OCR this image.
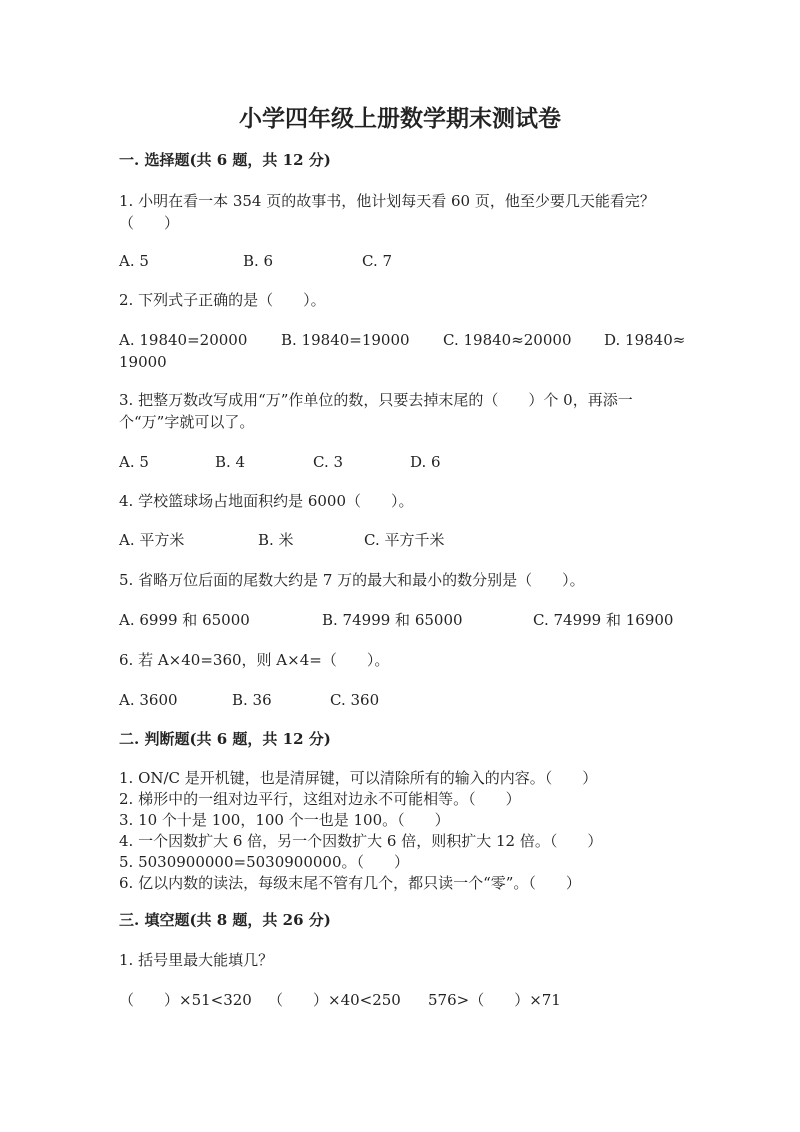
小学四年级上册数学期末测试卷
一. 选择题(共 6 题，共 12 分)
1. 小明在看一本 354 页的故事书，他计划每天看 60 页，他至少要几天能看完？
（　　）
A. 5	B. 6	C. 7
2. 下列式子正确的是（　　）。
A. 19840=20000 B. 19840=19000 C. 19840≈20000 D. 19840≈
19000
3. 把整万数改写成用“万”作单位的数，只要去掉末尾的（　　）个 0，再添一
个“万”字就可以了。
A. 5	B. 4	C. 3	D. 6
4. 学校篮球场占地面积约是 6000（　　）。
A. 平方米	B. 米	C. 平方千米
5. 省略万位后面的尾数大约是 7 万的最大和最小的数分别是（　　）。
A. 6999 和 65000	B. 74999 和 65000	C. 74999 和 16900
6. 若 A×40=360，则 A×4=（　　）。
A. 3600	B. 36	C. 360
二. 判断题(共 6 题，共 12 分)
1. ON/C 是开机键，也是清屏键，可以清除所有的输入的内容。（　　）
2. 梯形中的一组对边平行，这组对边永不可能相等。（　　）
3. 10 个十是 100，100 个一也是 100。（　　）
4. 一个因数扩大 6 倍，另一个因数扩大 6 倍，则积扩大 12 倍。（　　）
5. 5030900000=5030900000。（　　）
6. 亿以内数的读法，每级末尾不管有几个，都只读一个“零”。（　　）
三. 填空题(共 8 题，共 26 分)
1. 括号里最大能填几？
（　　）×51<320 （　　）×40<250 576>（　　）×71
